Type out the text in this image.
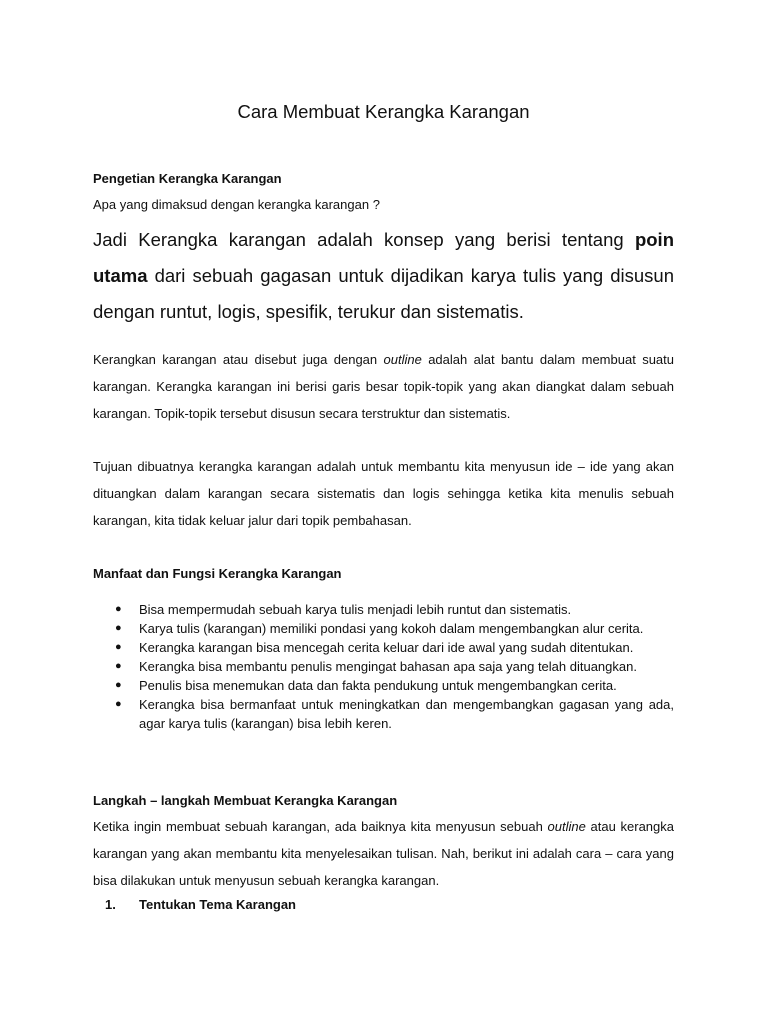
Cara Membuat Kerangka Karangan
Pengetian Kerangka Karangan

Apa yang dimaksud dengan kerangka karangan ?

Jadi Kerangka karangan adalah konsep yang berisi tentang poin utama dari sebuah gagasan untuk dijadikan karya tulis yang disusun dengan runtut, logis, spesifik, terukur dan sistematis.

Kerangkan karangan atau disebut juga dengan outline adalah alat bantu dalam membuat suatu karangan. Kerangka karangan ini berisi garis besar topik-topik yang akan diangkat dalam sebuah karangan. Topik-topik tersebut disusun secara terstruktur dan sistematis.

Tujuan dibuatnya kerangka karangan adalah untuk membantu kita menyusun ide – ide yang akan dituangkan dalam karangan secara sistematis dan logis sehingga ketika kita menulis sebuah karangan, kita tidak keluar jalur dari topik pembahasan.

Manfaat dan Fungsi Kerangka Karangan
● Bisa mempermudah sebuah karya tulis menjadi lebih runtut dan sistematis.
● Karya tulis (karangan) memiliki pondasi yang kokoh dalam mengembangkan alur cerita.
● Kerangka karangan bisa mencegah cerita keluar dari ide awal yang sudah ditentukan.
● Kerangka bisa membantu penulis mengingat bahasan apa saja yang telah dituangkan.
● Penulis bisa menemukan data dan fakta pendukung untuk mengembangkan cerita.
● Kerangka bisa bermanfaat untuk meningkatkan dan mengembangkan gagasan yang ada, agar karya tulis (karangan) bisa lebih keren.
Langkah – langkah Membuat Kerangka Karangan

Ketika ingin membuat sebuah karangan, ada baiknya kita menyusun sebuah outline atau kerangka karangan yang akan membantu kita menyelesaikan tulisan. Nah, berikut ini adalah cara – cara yang bisa dilakukan untuk menyusun sebuah kerangka karangan.

1. Tentukan Tema Karangan
